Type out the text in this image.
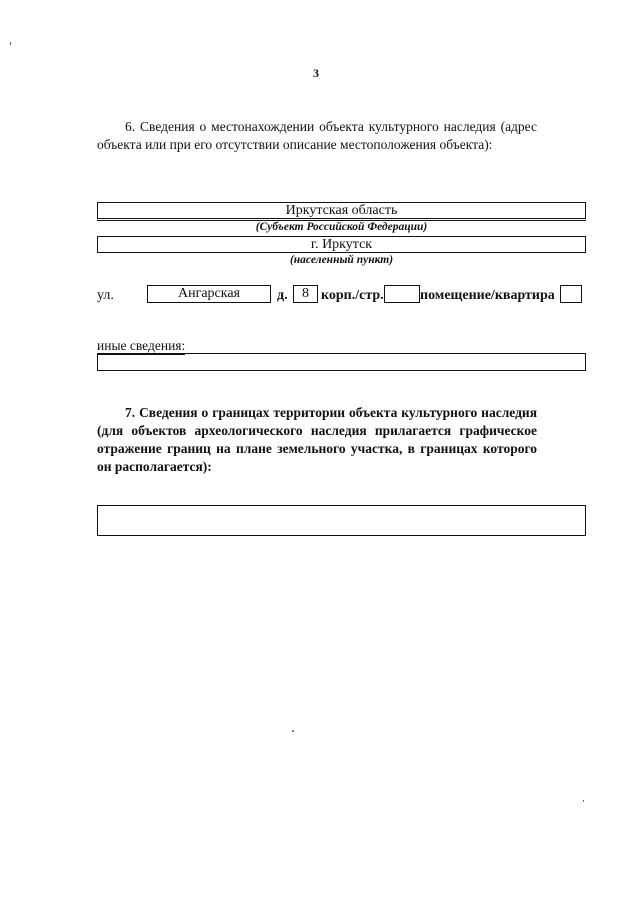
3

6. Сведения о местонахождении объекта культурного наследия (адрес объекта или при его отсутствии описание местоположения объекта):

Иркутская область
(Субъект Российской Федерации)
г. Иркутск
(населенный пункт)
ул.	Ангарская	д.	8 корп./стр.	помещение/квартира
иные сведения:

7. Сведения о границах территории объекта культурного наследия (для объектов археологического наследия прилагается графическое отражение границ на плане земельного участка, в границах которого он располагается):
